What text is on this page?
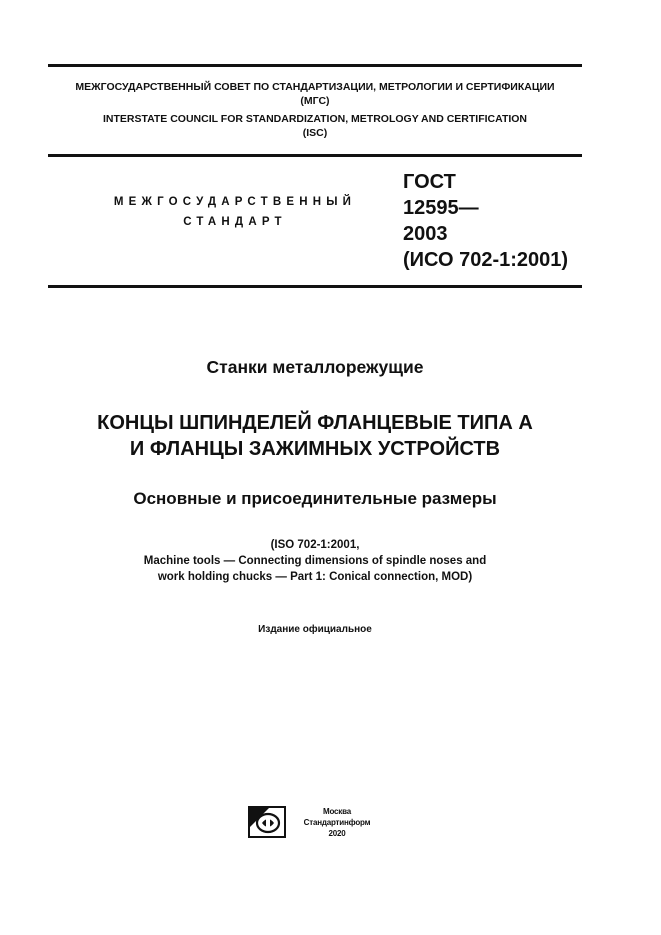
МЕЖГОСУДАРСТВЕННЫЙ СОВЕТ ПО СТАНДАРТИЗАЦИИ, МЕТРОЛОГИИ И СЕРТИФИКАЦИИ
(МГС)
INTERSTATE COUNCIL FOR STANDARDIZATION, METROLOGY AND CERTIFICATION
(ISC)
МЕЖГОСУДАРСТВЕННЫЙ
СТАНДАРТ
ГОСТ
12595—
2003
(ИСО 702-1:2001)
Станки металлорежущие
КОНЦЫ ШПИНДЕЛЕЙ ФЛАНЦЕВЫЕ ТИПА А
И ФЛАНЦЫ ЗАЖИМНЫХ УСТРОЙСТВ
Основные и присоединительные размеры
(ISO 702-1:2001,
Machine tools — Connecting dimensions of spindle noses and
work holding chucks — Part 1: Conical connection, MOD)
Издание официальное
Москва
Стандартинформ
2020
